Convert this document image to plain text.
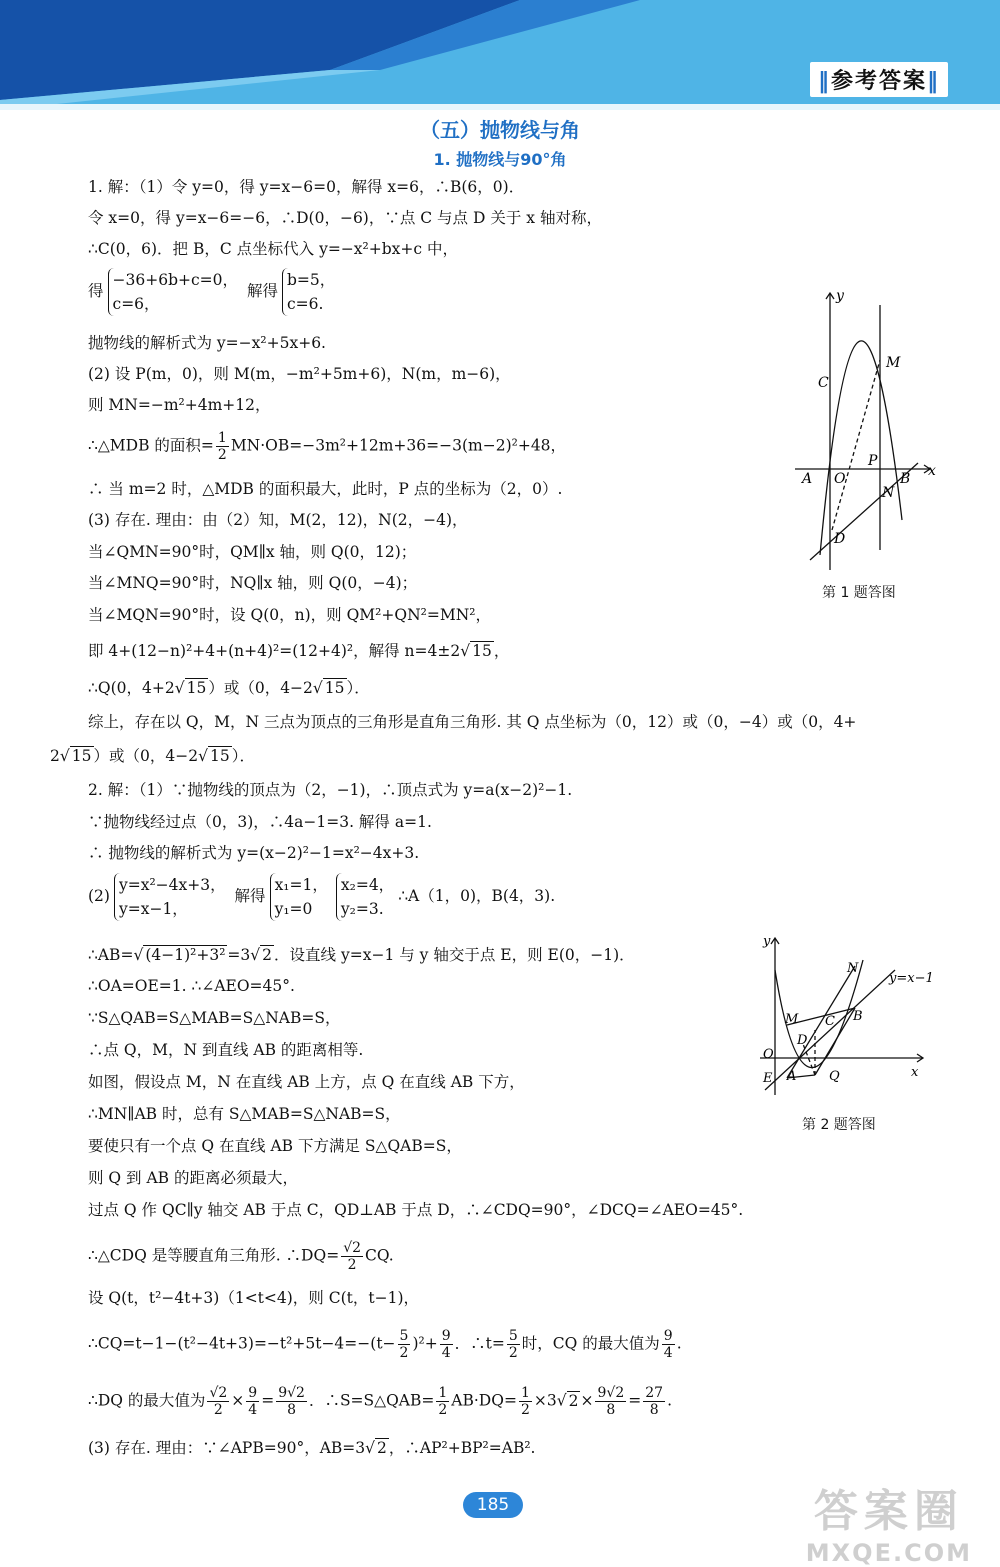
‖参考答案‖
（五）抛物线与角
1. 抛物线与90°角
1. 解：（1）令 y=0，得 y=x−6=0，解得 x=6，∴B(6，0)．
令 x=0，得 y=x−6=−6，∴D(0，−6)，∵点 C 与点 D 关于 x 轴对称，
∴C(0，6)．把 B，C 点坐标代入 y=−x²+bx+c 中，
得
−36+6b+c=0，
c=6，
解得
b=5，
c=6.
抛物线的解析式为 y=−x²+5x+6.
(2) 设 P(m，0)，则 M(m，−m²+5m+6)，N(m，m−6)，
则 MN=−m²+4m+12，
∴△MDB 的面积= $\frac{1}{2} MN\cdot OB=-3m^2+12m+36=-3(m-2)^2+48$，
∴ 当 m=2 时，△MDB 的面积最大，此时，P 点的坐标为（2，0）.
(3) 存在. 理由：由（2）知，M(2，12)，N(2，−4)，
当∠QMN=90°时，QM∥x 轴，则 Q(0，12)；
当∠MNQ=90°时，NQ∥x 轴，则 Q(0，−4)；
当∠MQN=90°时，设 Q(0，n)，则 QM²+QN²=MN²，
即 4+(12−n)²+4+(n+4)²=(12+4)²，解得 n=4±2√ 15 ，
∴Q(0，4+2√ 15 ）或（0，4−2√ 15 ）．
综上，存在以 Q，M，N 三点为顶点的三角形是直角三角形. 其 Q 点坐标为（0，12）或（0，−4）或（0，4+
2√ 15 ）或（0，4−2√ 15 ）．
2. 解：（1）∵抛物线的顶点为（2，−1)，∴顶点式为 y=a(x−2)²−1.
∵抛物线经过点（0，3)，∴4a−1=3. 解得 a=1.
∴ 抛物线的解析式为 y=(x−2)²−1=x²−4x+3.
(2)
y=x²−4x+3，
y=x−1，
解得
x₁=1，
y₁=0
x₂=4，
y₂=3.
∴A（1，0)，B(4，3).
∴AB=√ (4−1)²+3² =3√ 2 ．设直线 y=x−1 与 y 轴交于点 E，则 E(0，−1)．
∴OA=OE=1. ∴∠AEO=45°.
∵S△QAB=S△MAB=S△NAB=S，
∴点 Q，M，N 到直线 AB 的距离相等.
如图，假设点 M，N 在直线 AB 上方，点 Q 在直线 AB 下方，
∴MN∥AB 时，总有 S△MAB=S△NAB=S，
要使只有一个点 Q 在直线 AB 下方满足 S△QAB=S，
则 Q 到 AB 的距离必须最大，
过点 Q 作 QC∥y 轴交 AB 于点 C，QD⊥AB 于点 D，∴∠CDQ=90°，∠DCQ=∠AEO=45°.
∴△CDQ 是等腰直角三角形. ∴DQ= $\frac{√2}{2}$ CQ.
设 Q(t，t²−4t+3)（1<t<4)，则 C(t，t−1)，
∴CQ=t−1−(t²−4t+3)=−t²+5t−4=−(t− $\frac{5}{2} )^2+ \frac{9}{4}$ ．∴t= $\frac{5}{2}$ 时，CQ 的最大值为 $\frac{9}{4}$ .
∴DQ 的最大值为 $\frac{√2}{2} \times \frac{9}{4} = \frac{9√2}{8}$ ．∴S=S△QAB= $\frac{1}{2} AB\cdot DQ= \frac{1}{2} \times 3√$ $2 \times \frac{9√2}{8} = \frac{27}{8}$ .
(3) 存在. 理由：∵∠APB=90°，AB=3√ 2 ，∴AP²+BP²=AB².
y
x
C
M
P
A O
N
B
D
第 1 题答图
y
x
y=x−1
N
M C B
D
O
E A	Q
第 2 题答图
185	答案圈
MXQE.COM
